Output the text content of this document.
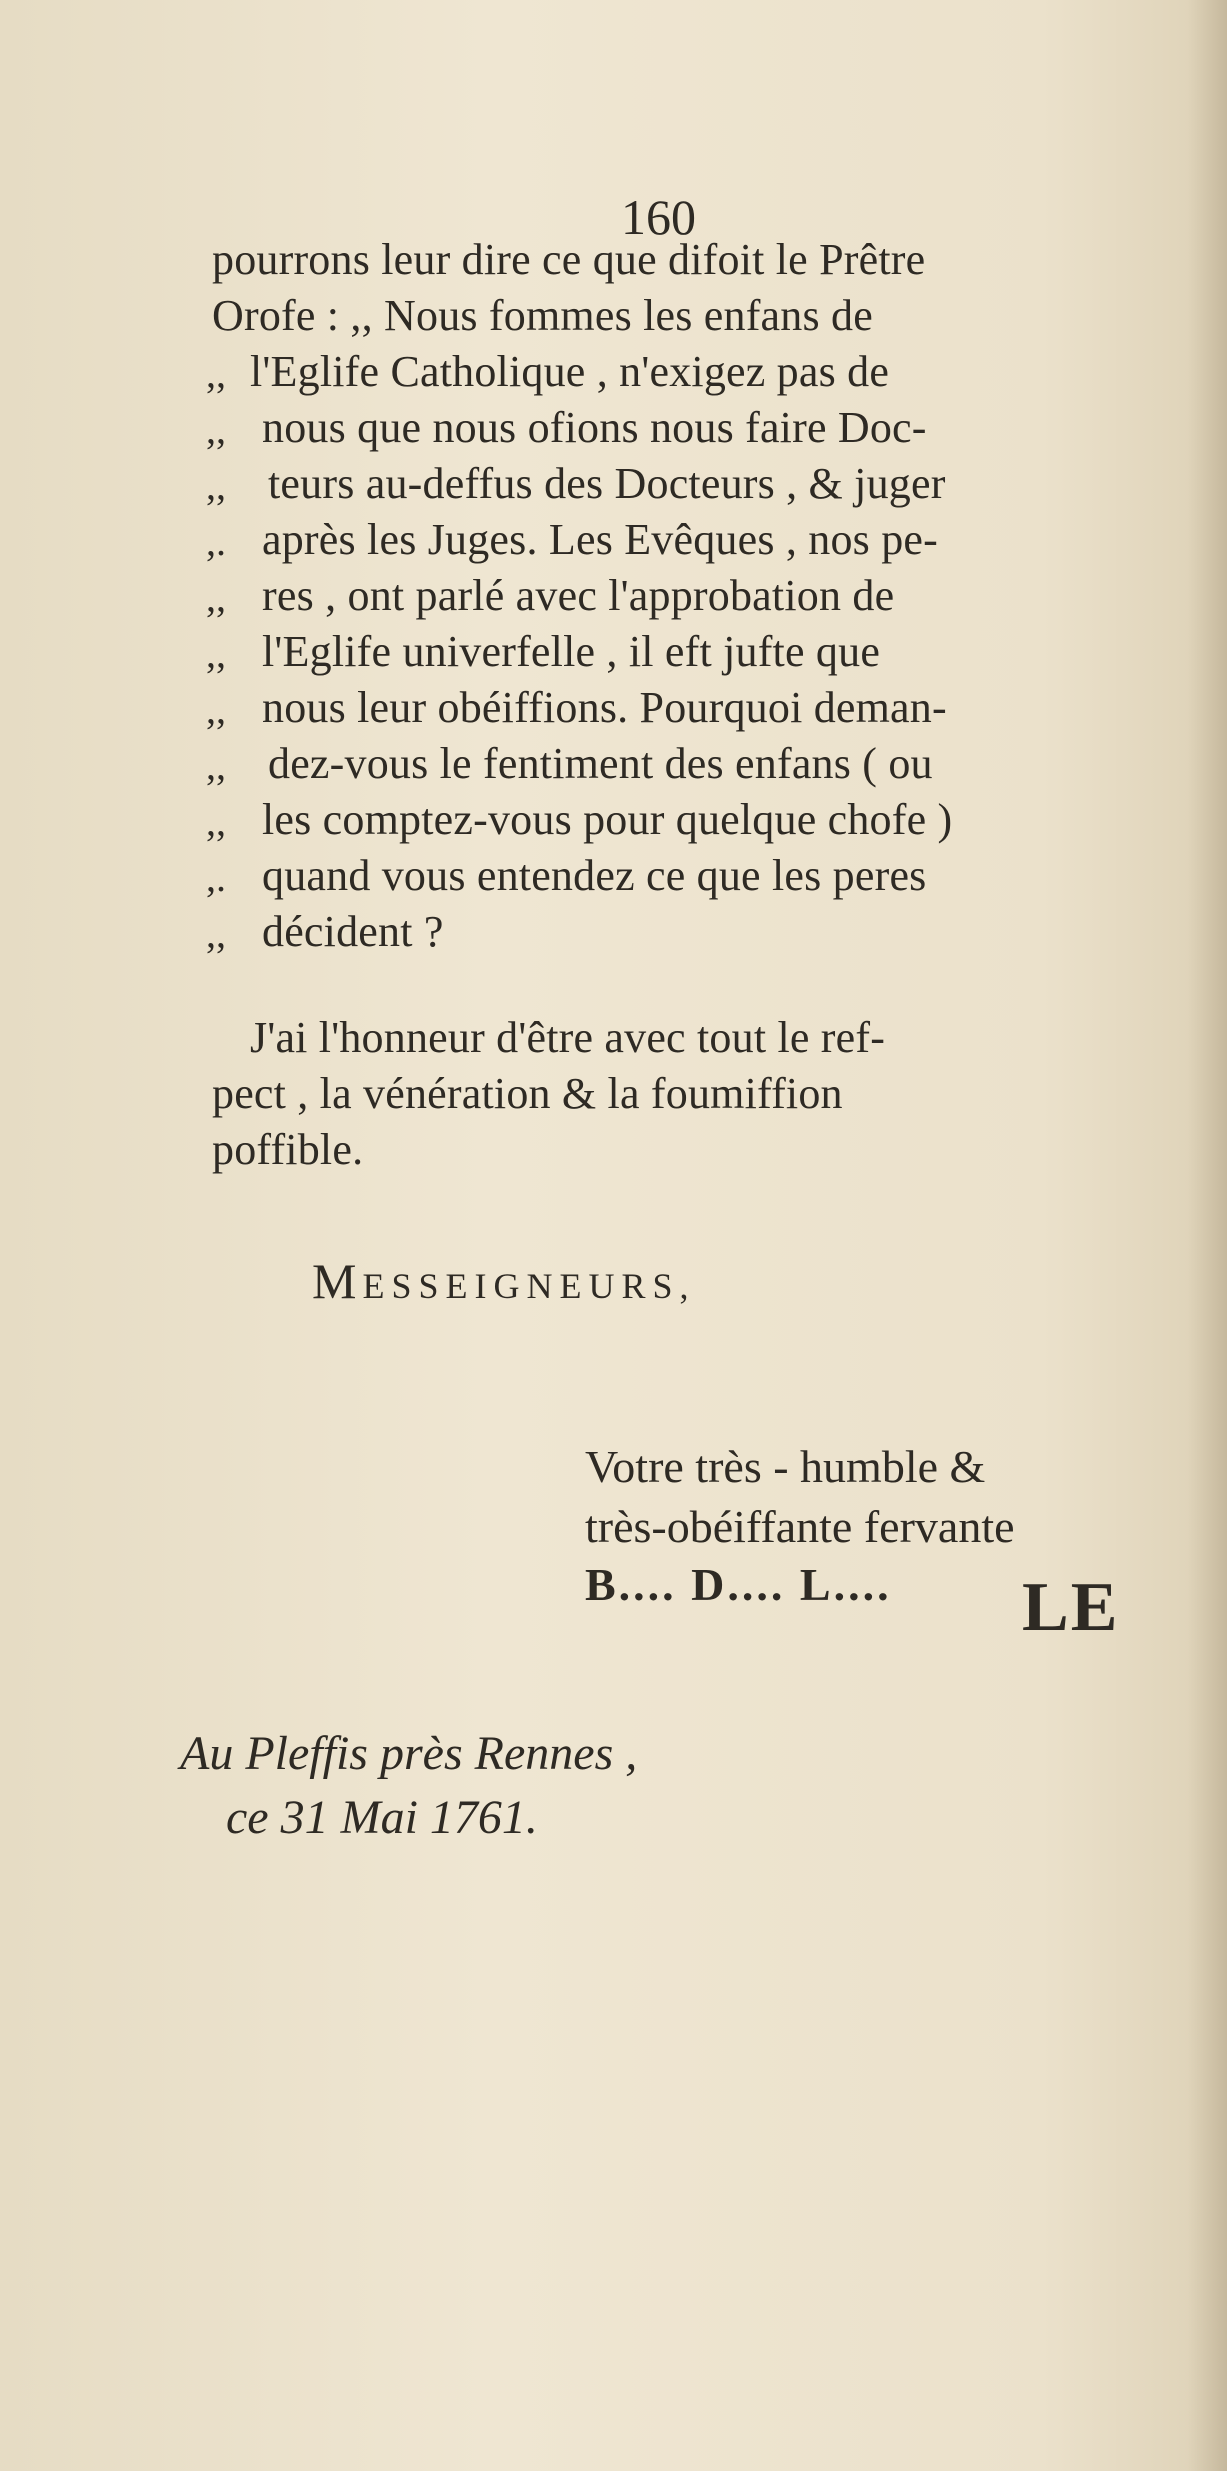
160
pourrons leur dire ce que difoit le Prêtre
Orofe : ,, Nous fommes les enfans de
,, l'Eglife Catholique , n'exigez pas de
,, nous que nous ofions nous faire Doc-
,, teurs au-deffus des Docteurs , & juger
,. après les Juges. Les Evêques , nos pe-
,, res , ont parlé avec l'approbation de
,, l'Eglife univerfelle , il eft jufte que
,, nous leur obéiffions. Pourquoi deman-
,, dez-vous le fentiment des enfans ( ou
,, les comptez-vous pour quelque chofe )
,. quand vous entendez ce que les peres
,, décident ?
J'ai l'honneur d'être avec tout le ref-
pect , la vénération & la foumiffion
poffible.
MESSEIGNEURS,
Votre très - humble &
très-obéiffante fervante
B.... D.... L....
Au Pleffis près Rennes ,
ce 31 Mai 1761.
LE
